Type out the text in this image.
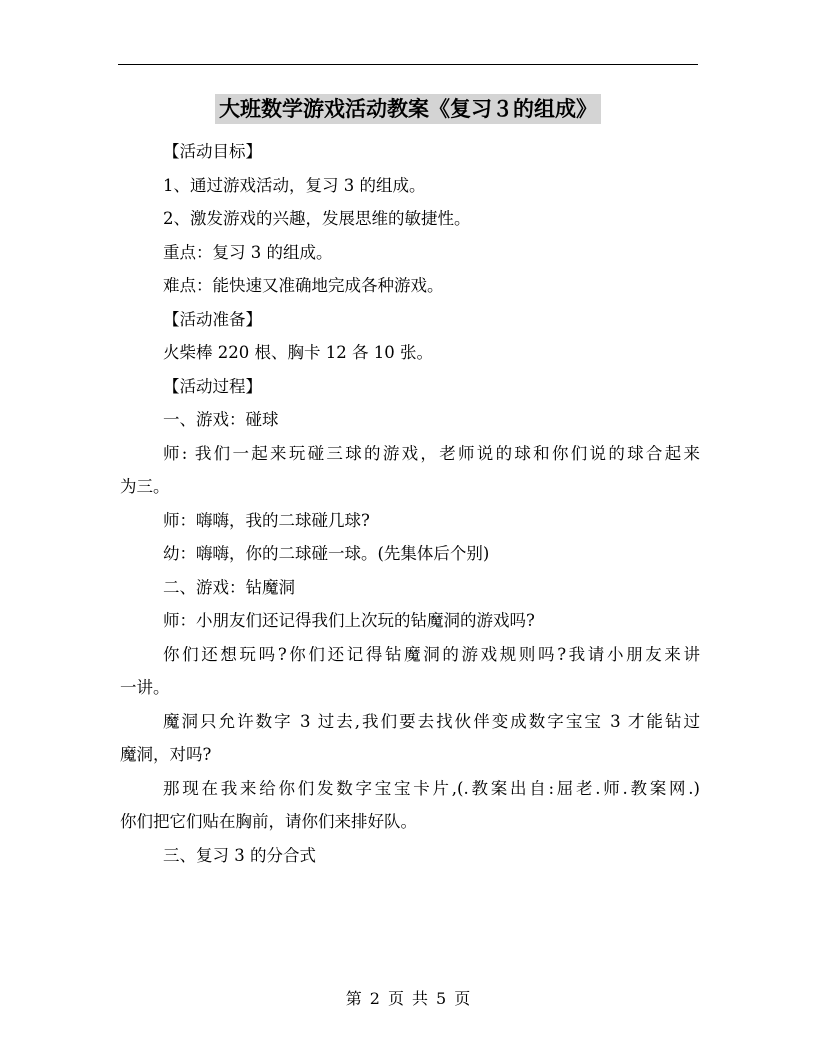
大班数学游戏活动教案《复习３的组成》
【活动目标】
1、通过游戏活动，复习 3 的组成。
2、激发游戏的兴趣，发展思维的敏捷性。
重点：复习 3 的组成。
难点：能快速又准确地完成各种游戏。
【活动准备】
火柴棒 220 根、胸卡 12 各 10 张。
【活动过程】
一、游戏：碰球
师: 我们一起来玩碰三球的游戏，老师说的球和你们说的球合起来
为三。
师：嗨嗨，我的二球碰几球?
幼：嗨嗨，你的二球碰一球。(先集体后个别)
二、游戏：钻魔洞
师：小朋友们还记得我们上次玩的钻魔洞的游戏吗?
你们还想玩吗?你们还记得钻魔洞的游戏规则吗?我请小朋友来讲
一讲。
魔洞只允许数字 3 过去,我们要去找伙伴变成数字宝宝 3 才能钻过
魔洞，对吗?
那现在我来给你们发数字宝宝卡片,(.教案出自:屈老.师.教案网.)
你们把它们贴在胸前，请你们来排好队。
三、复习 3 的分合式
第 2 页 共 5 页
